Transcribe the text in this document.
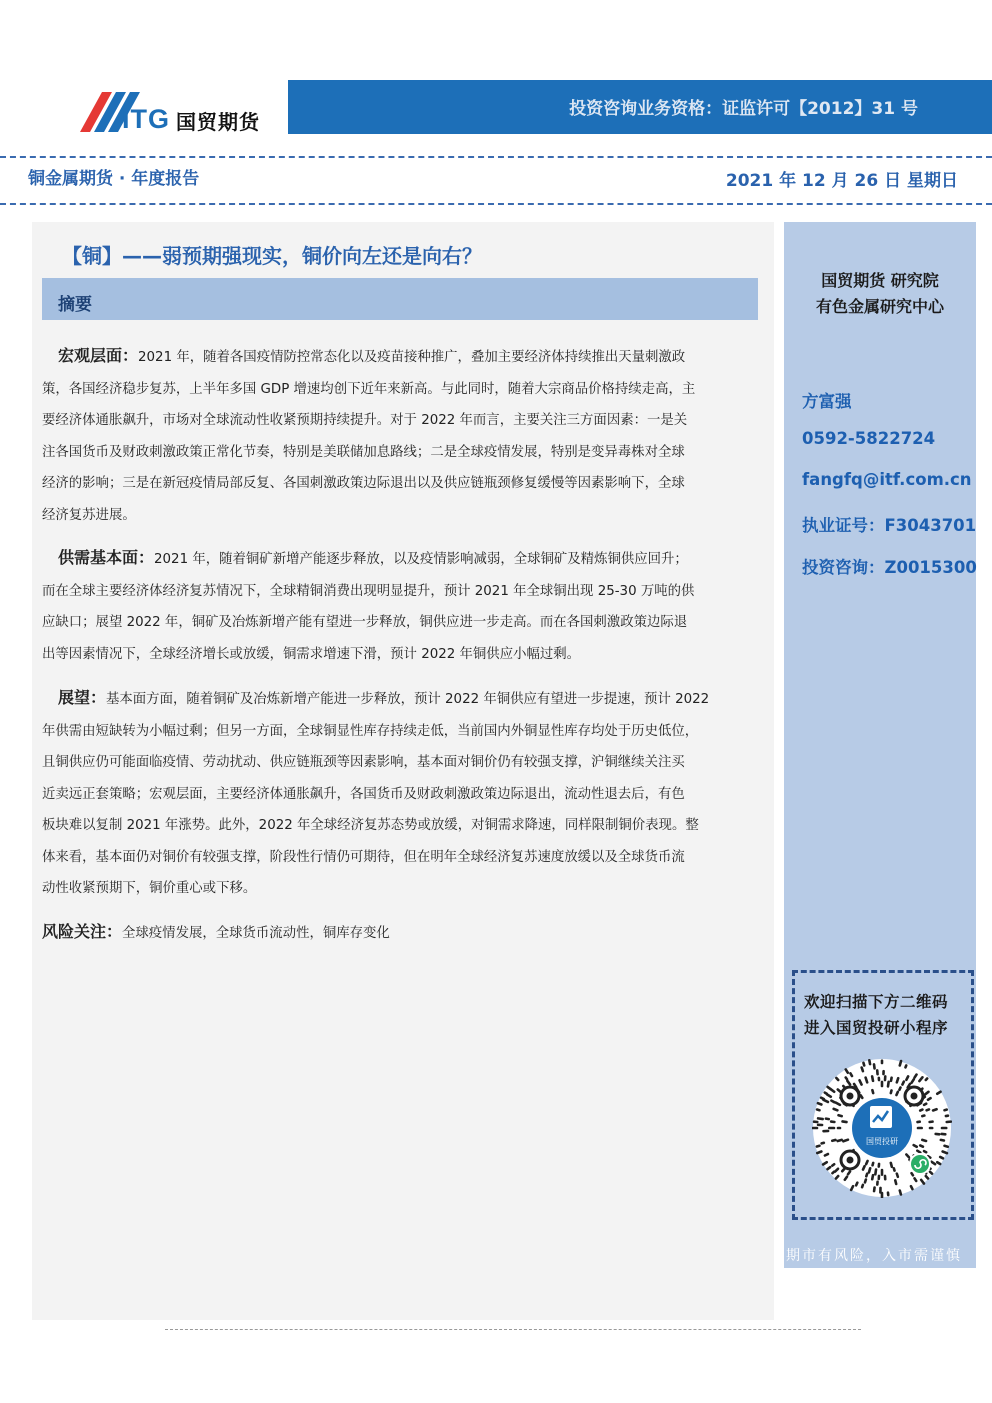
ITG 国贸期货
投资咨询业务资格：证监许可【2012】31 号
铜金属期货 · 年度报告	2021 年 12 月 26 日 星期日
【铜】——弱预期强现实，铜价向左还是向右？
摘要
宏观层面：2021 年，随着各国疫情防控常态化以及疫苗接种推广，叠加主要经济体持续推出天量刺激政
策，各国经济稳步复苏，上半年多国 GDP 增速均创下近年来新高。与此同时，随着大宗商品价格持续走高，主
要经济体通胀飙升，市场对全球流动性收紧预期持续提升。对于 2022 年而言，主要关注三方面因素：一是关
注各国货币及财政刺激政策正常化节奏，特别是美联储加息路线；二是全球疫情发展，特别是变异毒株对全球
经济的影响；三是在新冠疫情局部反复、各国刺激政策边际退出以及供应链瓶颈修复缓慢等因素影响下，全球
经济复苏进展。
供需基本面：2021 年，随着铜矿新增产能逐步释放，以及疫情影响减弱，全球铜矿及精炼铜供应回升；
而在全球主要经济体经济复苏情况下，全球精铜消费出现明显提升，预计 2021 年全球铜出现 25-30 万吨的供
应缺口；展望 2022 年，铜矿及冶炼新增产能有望进一步释放，铜供应进一步走高。而在各国刺激政策边际退
出等因素情况下，全球经济增长或放缓，铜需求增速下滑，预计 2022 年铜供应小幅过剩。
展望：基本面方面，随着铜矿及冶炼新增产能进一步释放，预计 2022 年铜供应有望进一步提速，预计 2022
年供需由短缺转为小幅过剩；但另一方面，全球铜显性库存持续走低，当前国内外铜显性库存均处于历史低位，
且铜供应仍可能面临疫情、劳动扰动、供应链瓶颈等因素影响，基本面对铜价仍有较强支撑，沪铜继续关注买
近卖远正套策略；宏观层面，主要经济体通胀飙升，各国货币及财政刺激政策边际退出，流动性退去后，有色
板块难以复制 2021 年涨势。此外，2022 年全球经济复苏态势或放缓，对铜需求降速，同样限制铜价表现。整
体来看，基本面仍对铜价有较强支撑，阶段性行情仍可期待，但在明年全球经济复苏速度放缓以及全球货币流
动性收紧预期下，铜价重心或下移。
风险关注：全球疫情发展，全球货币流动性，铜库存变化
国贸期货 研究院
有色金属研究中心
方富强
0592-5822724
fangfq@itf.com.cn
执业证号：F3043701
投资咨询：Z0015300
欢迎扫描下方二维码
进入国贸投研小程序
国贸投研
期市有风险，入市需谨慎
